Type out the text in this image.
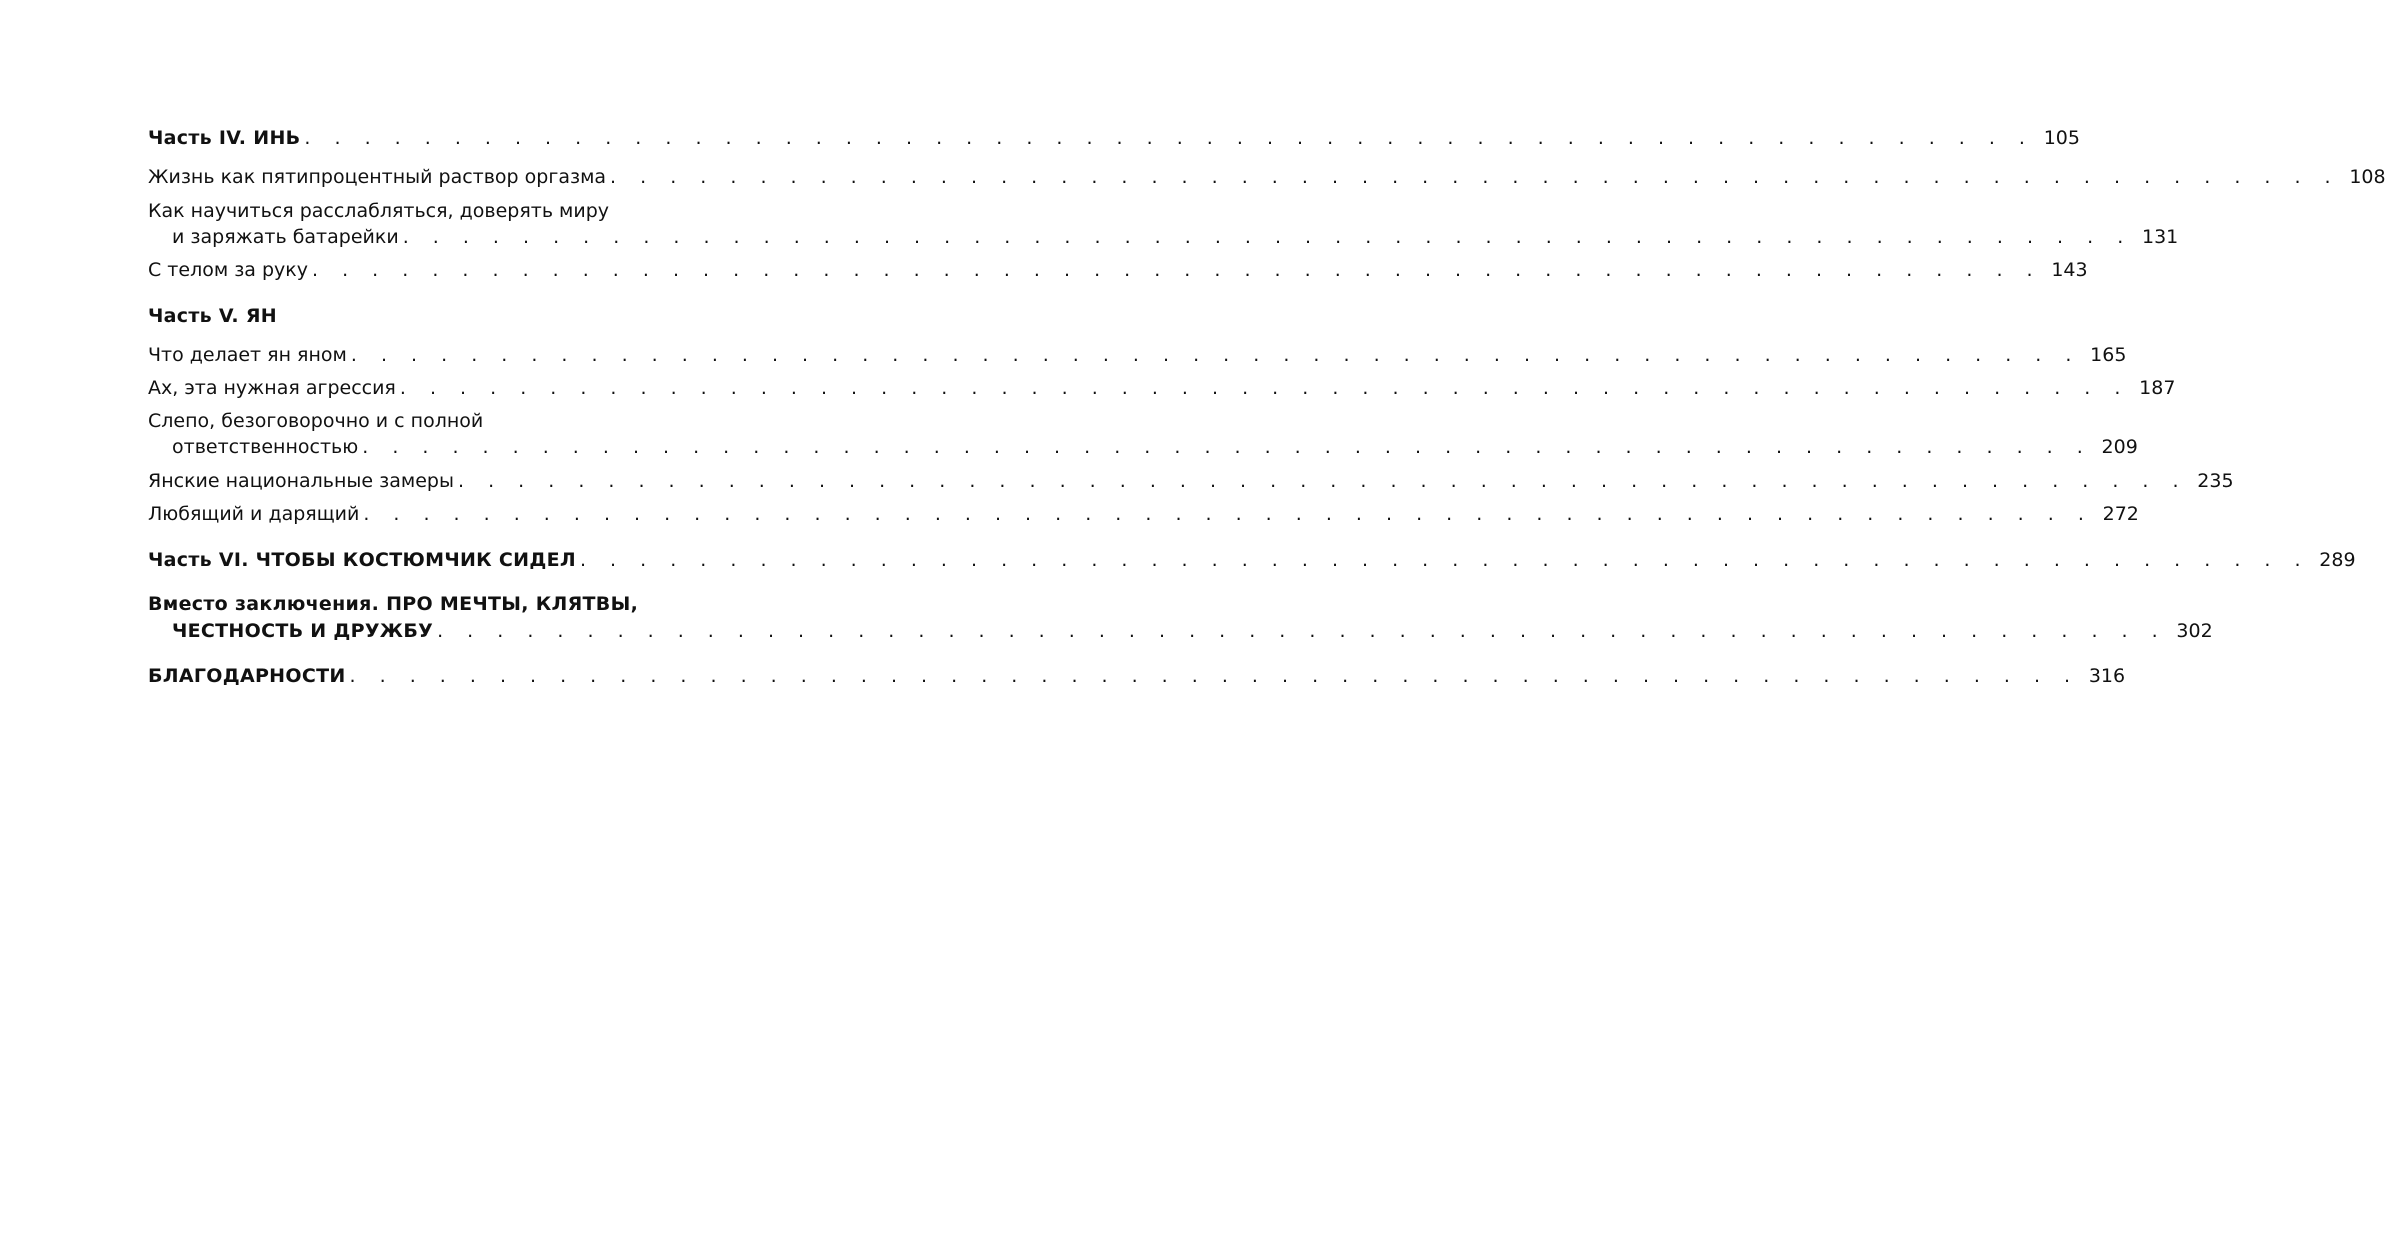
Часть IV. ИНЬ . . . . . . . . . . . . . . . . . . . . . . . . . . . . . . . . . . . . . . . . . . . . . . . . . . . . . . . . . . 105
Жизнь как пятипроцентный раствор оргазма . . . . . . . . . . . . . . . . . . . . . . . . . . . . . . . . . . . . . . . . . . . . . . . . . . . . . . . . . . 108
Как научиться расслабляться, доверять миру
и заряжать батарейки . . . . . . . . . . . . . . . . . . . . . . . . . . . . . . . . . . . . . . . . . . . . . . . . . . . . . . . . . . 131
С телом за руку . . . . . . . . . . . . . . . . . . . . . . . . . . . . . . . . . . . . . . . . . . . . . . . . . . . . . . . . . . 143
Часть V. ЯН
Что делает ян яном . . . . . . . . . . . . . . . . . . . . . . . . . . . . . . . . . . . . . . . . . . . . . . . . . . . . . . . . . . 165
Ах, эта нужная агрессия . . . . . . . . . . . . . . . . . . . . . . . . . . . . . . . . . . . . . . . . . . . . . . . . . . . . . . . . . . 187
Слепо, безоговорочно и с полной
ответственностью . . . . . . . . . . . . . . . . . . . . . . . . . . . . . . . . . . . . . . . . . . . . . . . . . . . . . . . . . . 209
Янские национальные замеры . . . . . . . . . . . . . . . . . . . . . . . . . . . . . . . . . . . . . . . . . . . . . . . . . . . . . . . . . . 235
Любящий и дарящий . . . . . . . . . . . . . . . . . . . . . . . . . . . . . . . . . . . . . . . . . . . . . . . . . . . . . . . . . . 272
Часть VI. ЧТОБЫ КОСТЮМЧИК СИДЕЛ . . . . . . . . . . . . . . . . . . . . . . . . . . . . . . . . . . . . . . . . . . . . . . . . . . . . . . . . . . 289
Вместо заключения. ПРО МЕЧТЫ, КЛЯТВЫ,
ЧЕСТНОСТЬ И ДРУЖБУ . . . . . . . . . . . . . . . . . . . . . . . . . . . . . . . . . . . . . . . . . . . . . . . . . . . . . . . . . . 302
БЛАГОДАРНОСТИ . . . . . . . . . . . . . . . . . . . . . . . . . . . . . . . . . . . . . . . . . . . . . . . . . . . . . . . . . . 316
